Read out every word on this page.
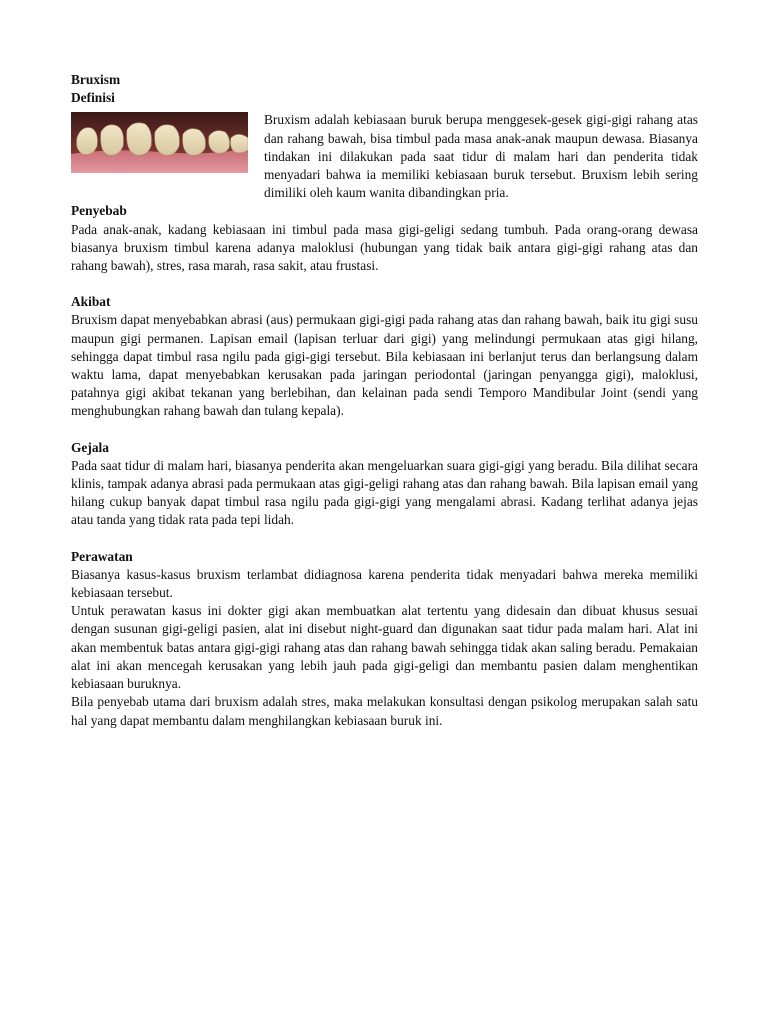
Bruxism

Definisi

Bruxism adalah kebiasaan buruk berupa menggesek-gesek gigi-gigi rahang atas dan rahang bawah, bisa timbul pada masa anak-anak maupun dewasa. Biasanya tindakan ini dilakukan pada saat tidur di malam hari dan penderita tidak menyadari bahwa ia memiliki kebiasaan buruk tersebut. Bruxism lebih sering dimiliki oleh kaum wanita dibandingkan pria.

Penyebab

Pada anak-anak, kadang kebiasaan ini timbul pada masa gigi-geligi sedang tumbuh. Pada orang-orang dewasa biasanya bruxism timbul karena adanya maloklusi (hubungan yang tidak baik antara gigi-gigi rahang atas dan rahang bawah), stres, rasa marah, rasa sakit, atau frustasi.

Akibat

Bruxism dapat menyebabkan abrasi (aus) permukaan gigi-gigi pada rahang atas dan rahang bawah, baik itu gigi susu maupun gigi permanen. Lapisan email (lapisan terluar dari gigi) yang melindungi permukaan atas gigi hilang, sehingga dapat timbul rasa ngilu pada gigi-gigi tersebut. Bila kebiasaan ini berlanjut terus dan berlangsung dalam waktu lama, dapat menyebabkan kerusakan pada jaringan periodontal (jaringan penyangga gigi), maloklusi, patahnya gigi akibat tekanan yang berlebihan, dan kelainan pada sendi Temporo Mandibular Joint (sendi yang menghubungkan rahang bawah dan tulang kepala).

Gejala

Pada saat tidur di malam hari, biasanya penderita akan mengeluarkan suara gigi-gigi yang beradu. Bila dilihat secara klinis, tampak adanya abrasi pada permukaan atas gigi-geligi rahang atas dan rahang bawah. Bila lapisan email yang hilang cukup banyak dapat timbul rasa ngilu pada gigi-gigi yang mengalami abrasi. Kadang terlihat adanya jejas atau tanda yang tidak rata pada tepi lidah.

Perawatan

Biasanya kasus-kasus bruxism terlambat didiagnosa karena penderita tidak menyadari bahwa mereka memiliki kebiasaan tersebut.

Untuk perawatan kasus ini dokter gigi akan membuatkan alat tertentu yang didesain dan dibuat khusus sesuai dengan susunan gigi-geligi pasien, alat ini disebut night-guard dan digunakan saat tidur pada malam hari. Alat ini akan membentuk batas antara gigi-gigi rahang atas dan rahang bawah sehingga tidak akan saling beradu. Pemakaian alat ini akan mencegah kerusakan yang lebih jauh pada gigi-geligi dan membantu pasien dalam menghentikan kebiasaan buruknya.

Bila penyebab utama dari bruxism adalah stres, maka melakukan konsultasi dengan psikolog merupakan salah satu hal yang dapat membantu dalam menghilangkan kebiasaan buruk ini.
